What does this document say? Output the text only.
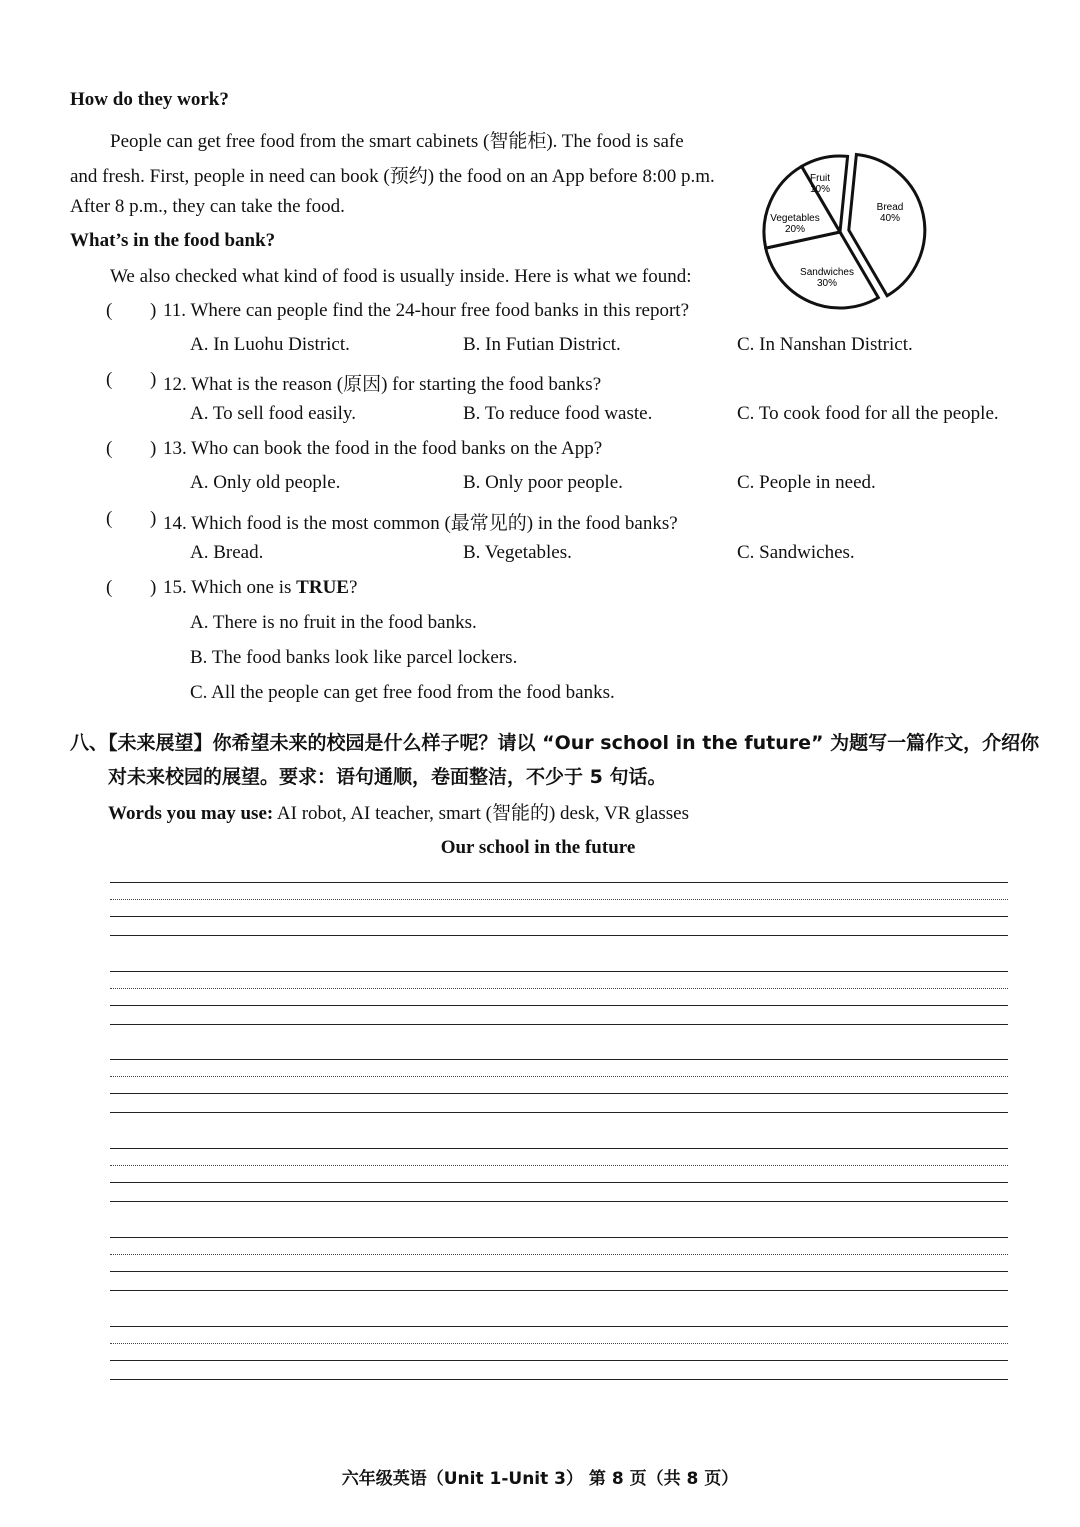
How do they work?
People can get free food from the smart cabinets (智能柜). The food is safe
and fresh. First, people in need can book (预约) the food on an App before 8:00 p.m.
After 8 p.m., they can take the food.
What’s in the food bank?
We also checked what kind of food is usually inside. Here is what we found:
Bread
40%
Sandwiches
30%
Vegetables
20%
Fruit
10%
( ) 11. Where can people find the 24-hour free food banks in this report?
A. In Luohu District.	B. In Futian District.	C. In Nanshan District.
( ) 12. What is the reason (原因) for starting the food banks?
A. To sell food easily.	B. To reduce food waste.	C. To cook food for all the people.
( ) 13. Who can book the food in the food banks on the App?
A. Only old people.	B. Only poor people.	C. People in need.
( ) 14. Which food is the most common (最常见的) in the food banks?
A. Bread.	B. Vegetables.	C. Sandwiches.
( ) 15. Which one is TRUE?
A. There is no fruit in the food banks.
B. The food banks look like parcel lockers.
C. All the people can get free food from the food banks.
八、【未来展望】你希望未来的校园是什么样子呢？请以 “Our school in the future” 为题写一篇作文，介绍你
对未来校园的展望。要求：语句通顺，卷面整洁，不少于 5 句话。
Words you may use: AI robot, AI teacher, smart (智能的) desk, VR glasses
Our school in the future
六年级英语（Unit 1-Unit 3） 第 8 页（共 8 页）
